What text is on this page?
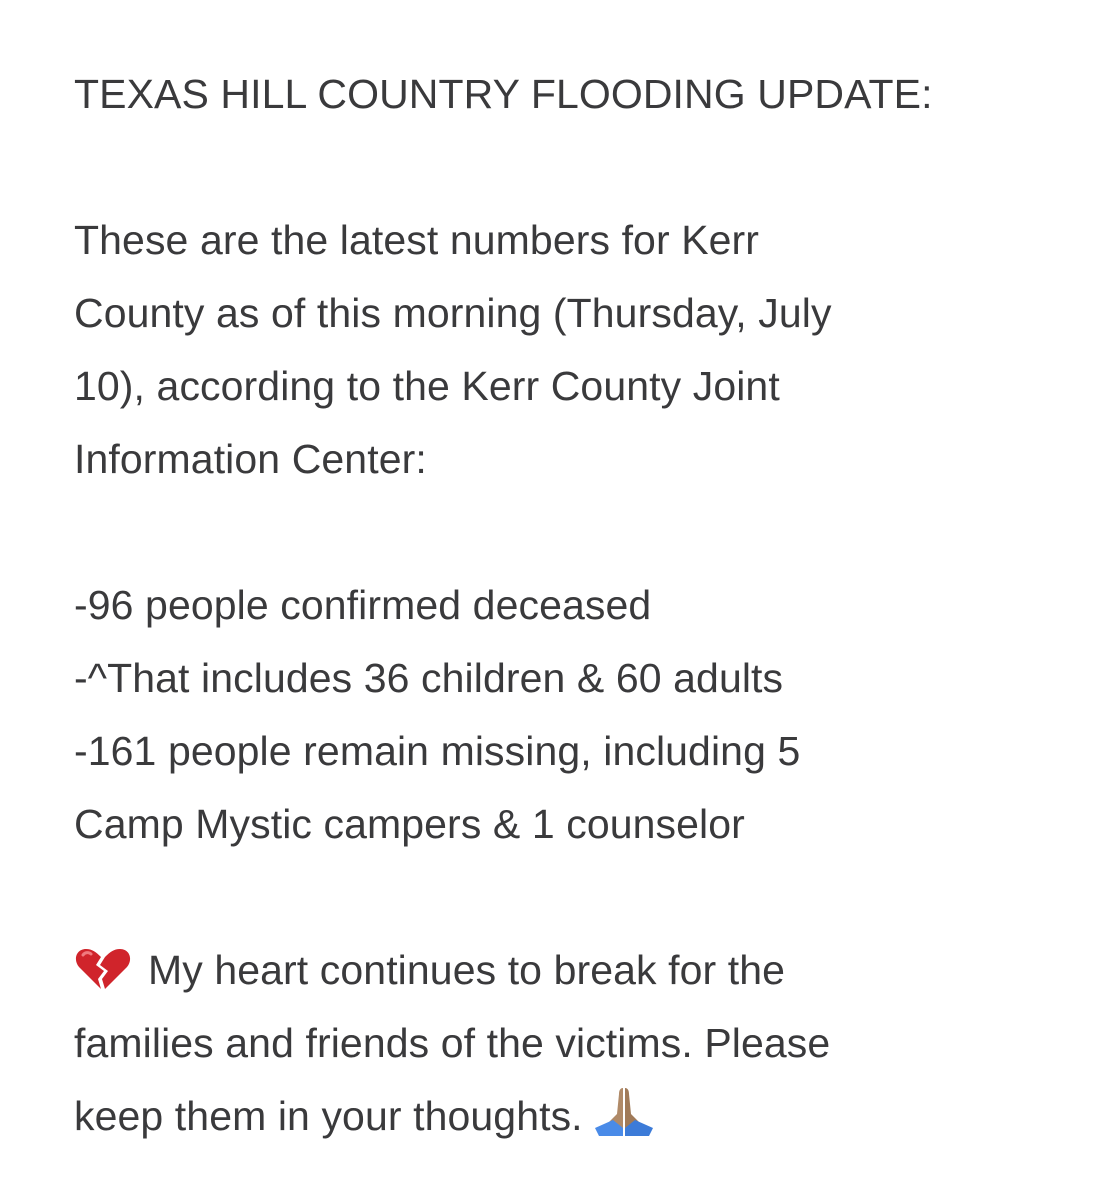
TEXAS HILL COUNTRY FLOODING UPDATE:
These are the latest numbers for Kerr
County as of this morning (Thursday, July
10), according to the Kerr County Joint
Information Center:
-96 people confirmed deceased
-^That includes 36 children & 60 adults
-161 people remain missing, including 5
Camp Mystic campers & 1 counselor
My heart continues to break for the
families and friends of the victims. Please
keep them in your thoughts.
